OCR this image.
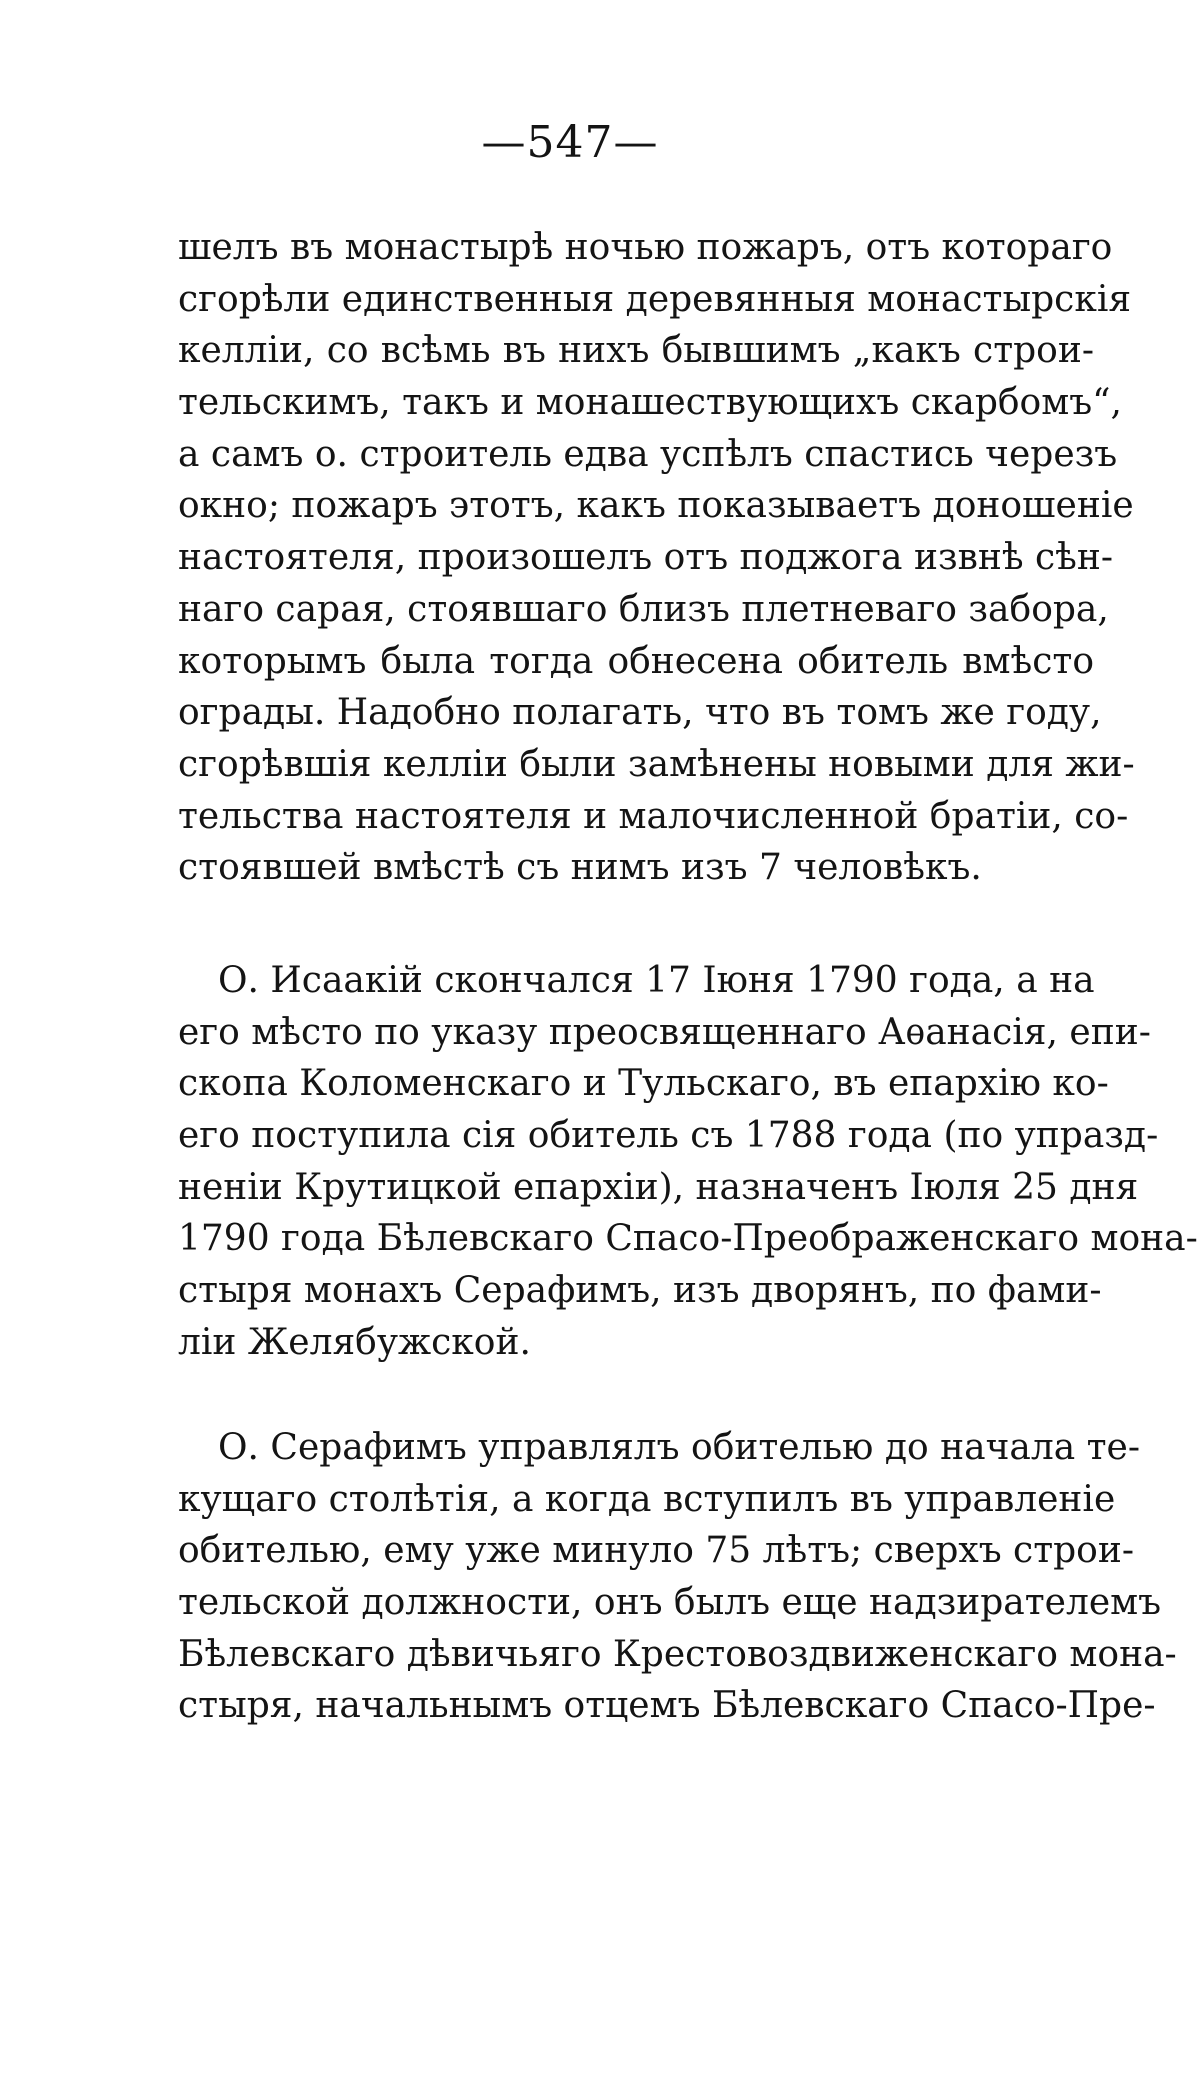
—547—
шелъ въ монастырѣ ночью пожаръ, отъ котораго
сгорѣли единственныя деревянныя монастырскія
келліи, со всѣмь въ нихъ бывшимъ „какъ строи-
тельскимъ, такъ и монашествующихъ скарбомъ“,
а самъ о. строитель едва успѣлъ спастись черезъ
окно; пожаръ этотъ, какъ показываетъ доношеніе
настоятеля, произошелъ отъ поджога извнѣ сѣн-
наго сарая, стоявшаго близъ плетневаго забора,
которымъ была тогда обнесена обитель вмѣсто
ограды. Надобно полагать, что въ томъ же году,
сгорѣвшія келліи были замѣнены новыми для жи-
тельства настоятеля и малочисленной братіи, со-
стоявшей вмѣстѣ съ нимъ изъ 7 человѣкъ.
О. Исаакій скончался 17 Іюня 1790 года, а на
его мѣсто по указу преосвященнаго Аѳанасія, епи-
скопа Коломенскаго и Тульскаго, въ епархію ко-
его поступила сія обитель съ 1788 года (по упразд-
неніи Крутицкой епархіи), назначенъ Іюля 25 дня
1790 года Бѣлевскаго Спасо-Преображенскаго мона-
стыря монахъ Серафимъ, изъ дворянъ, по фами-
ліи Желябужской.
О. Серафимъ управлялъ обителью до начала те-
кущаго столѣтія, а когда вступилъ въ управленіе
обителью, ему уже минуло 75 лѣтъ; сверхъ строи-
тельской должности, онъ былъ еще надзирателемъ
Бѣлевскаго дѣвичьяго Крестовоздвиженскаго мона-
стыря, начальнымъ отцемъ Бѣлевскаго Спасо-Пре-
